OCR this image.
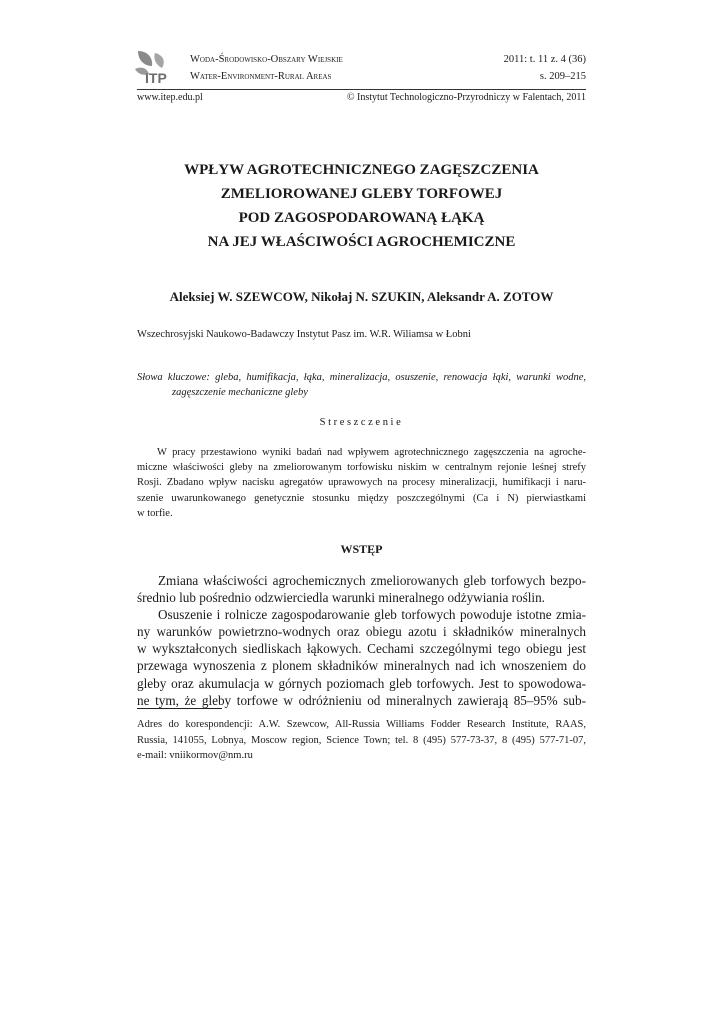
ITP
Woda-Środowisko-Obszary Wiejskie
Water-Environment-Rural Areas
2011: t. 11 z. 4 (36)
s. 209–215
www.itep.edu.pl	© Instytut Technologiczno-Przyrodniczy w Falentach, 2011
WPŁYW AGROTECHNICZNEGO ZAGĘSZCZENIA
ZMELIOROWANEJ GLEBY TORFOWEJ
POD ZAGOSPODAROWANĄ ŁĄKĄ
NA JEJ WŁAŚCIWOŚCI AGROCHEMICZNE
Aleksiej W. SZEWCOW, Nikołaj N. SZUKIN, Aleksandr A. ZOTOW
Wszechrosyjski Naukowo-Badawczy Instytut Pasz im. W.R. Wiliamsa w Łobni
Słowa kluczowe: gleba, humifikacja, łąka, mineralizacja, osuszenie, renowacja łąki, warunki wodne,
zagęszczenie mechaniczne gleby
Streszczenie
W pracy przestawiono wyniki badań nad wpływem agrotechnicznego zagęszczenia na agroche-
miczne właściwości gleby na zmeliorowanym torfowisku niskim w centralnym rejonie leśnej strefy
Rosji. Zbadano wpływ nacisku agregatów uprawowych na procesy mineralizacji, humifikacji i naru-
szenie uwarunkowanego genetycznie stosunku między poszczególnymi (Ca i N) pierwiastkami
w torfie.
WSTĘP
Zmiana właściwości agrochemicznych zmeliorowanych gleb torfowych bezpo-
średnio lub pośrednio odzwierciedla warunki mineralnego odżywiania roślin.
Osuszenie i rolnicze zagospodarowanie gleb torfowych powoduje istotne zmia-
ny warunków powietrzno-wodnych oraz obiegu azotu i składników mineralnych
w wykształconych siedliskach łąkowych. Cechami szczególnymi tego obiegu jest
przewaga wynoszenia z plonem składników mineralnych nad ich wnoszeniem do
gleby oraz akumulacja w górnych poziomach gleb torfowych. Jest to spowodowa-
ne tym, że gleby torfowe w odróżnieniu od mineralnych zawierają 85–95% sub-
Adres do korespondencji: A.W. Szewcow, All-Russia Williams Fodder Research Institute, RAAS,
Russia, 141055, Lobnya, Moscow region, Science Town; tel. 8 (495) 577-73-37, 8 (495) 577-71-07,
e-mail: vniikormov@nm.ru
